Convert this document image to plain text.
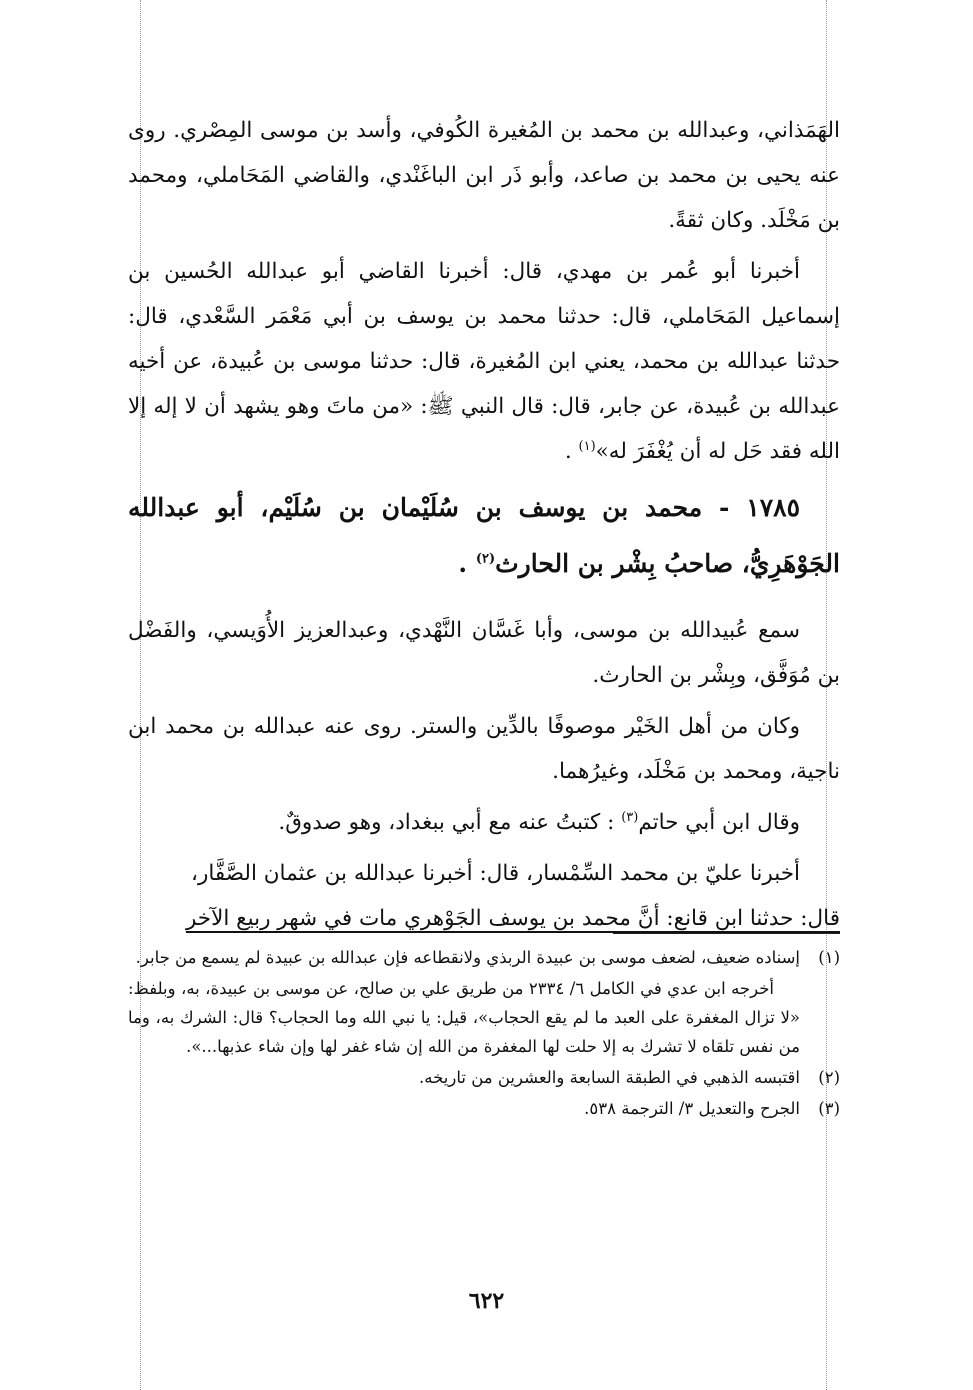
الهَمَذاني، وعبدالله بن محمد بن المُغيرة الكُوفي، وأسد بن موسى المِصْري. روى عنه يحيى بن محمد بن صاعد، وأبو ذَر ابن الباغَنْدي، والقاضي المَحَاملي، ومحمد بن مَخْلَد. وكان ثقةً.

أخبرنا أبو عُمر بن مهدي، قال: أخبرنا القاضي أبو عبدالله الحُسين بن إسماعيل المَحَاملي، قال: حدثنا محمد بن يوسف بن أبي مَعْمَر السَّعْدي، قال: حدثنا عبدالله بن محمد، يعني ابن المُغيرة، قال: حدثنا موسى بن عُبيدة، عن أخيه عبدالله بن عُبيدة، عن جابر، قال: قال النبي ﷺ: «من ماتَ وهو يشهد أن لا إله إلا الله فقد حَل له أن يُغْفَرَ له»$^{(١)}$ .

١٧٨٥ - محمد بن يوسف بن سُلَيْمان بن سُلَيْم، أبو عبدالله الجَوْهَرِيُّ، صاحبُ بِشْر بن الحارث$^{(٢)}$ .

سمع عُبيدالله بن موسى، وأبا غَسَّان النَّهْدي، وعبدالعزيز الأُوَيسي، والفَضْل بن مُوَفَّق، وبِشْر بن الحارث.

وكان من أهل الخَيْر موصوفًا بالدِّين والستر. روى عنه عبدالله بن محمد ابن ناجية، ومحمد بن مَخْلَد، وغيرُهما.

وقال ابن أبي حاتم$^{(٣)}$ : كتبتُ عنه مع أبي ببغداد، وهو صدوقٌ.

أخبرنا عليّ بن محمد السِّمْسار، قال: أخبرنا عبدالله بن عثمان الصَّفَّار،
قال: حدثنا ابن قانع: أنَّ محمد بن يوسف الجَوْهري مات في شهر ربيع الآخر

(١)
إسناده ضعيف، لضعف موسى بن عبيدة الربذي ولانقطاعه فإن عبدالله بن عبيدة لم يسمع من جابر.
أخرجه ابن عدي في الكامل ٦/ ٢٣٣٤ من طريق علي بن صالح، عن موسى بن عبيدة، به، وبلفظ: «لا تزال المغفرة على العبد ما لم يقع الحجاب»، قيل: يا نبي الله وما الحجاب؟ قال: الشرك به، وما من نفس تلقاه لا تشرك به إلا حلت لها المغفرة من الله إن شاء غفر لها وإن شاء عذبها...».
(٢)
اقتبسه الذهبي في الطبقة السابعة والعشرين من تاريخه.
(٣)
الجرح والتعديل ٣/ الترجمة ٥٣٨.
٦٢٢
